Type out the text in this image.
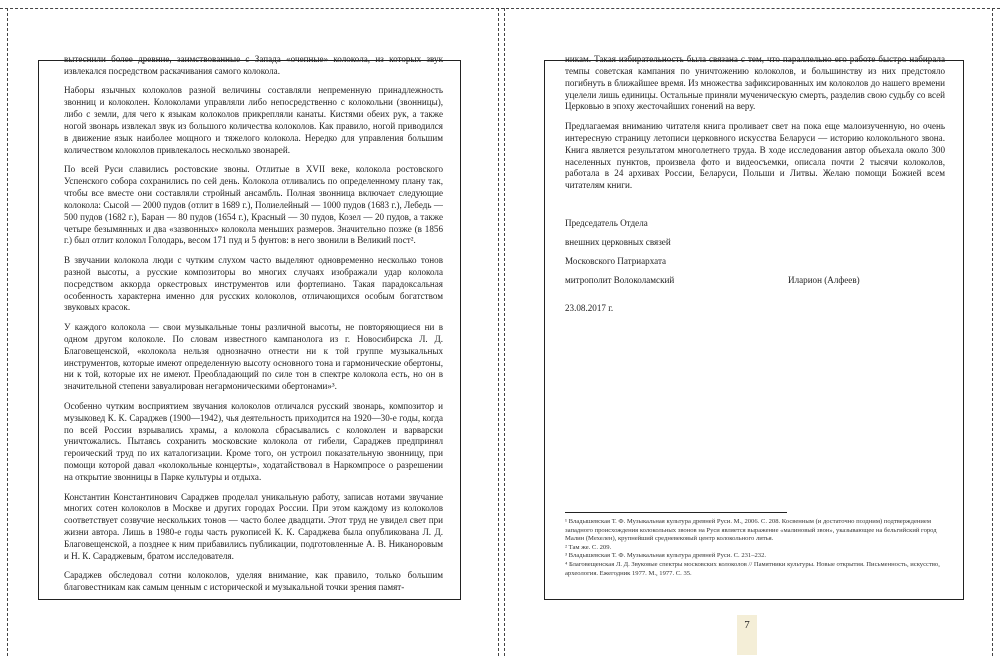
вытеснили более древние, заимствованные с Запада «очепные» колокола, из которых звук извлекался посредством раскачивания самого колокола.

Наборы язычных колоколов разной величины составляли непременную принадлежность звонниц и колоколен. Колоколами управляли либо непосредственно с колокольни (звонницы), либо с земли, для чего к языкам колоколов прикрепляли канаты. Кистями обеих рук, а также ногой звонарь извлекал звук из большого количества колоколов. Как правило, ногой приводился в движение язык наиболее мощного и тяжелого колокола. Нередко для управления большим количеством колоколов привлекалось несколько звонарей.

По всей Руси славились ростовские звоны. Отлитые в XVII веке, колокола ростовского Успенского собора сохранились по сей день. Колокола отливались по определенному плану так, чтобы все вместе они составляли стройный ансамбль. Полная звонница включает следующие колокола: Сысой — 2000 пудов (отлит в 1689 г.), Полиелейный — 1000 пудов (1683 г.), Лебедь — 500 пудов (1682 г.), Баран — 80 пудов (1654 г.), Красный — 30 пудов, Козел — 20 пудов, а также четыре безымянных и два «зазвонных» колокола меньших размеров. Значительно позже (в 1856 г.) был отлит колокол Голодарь, весом 171 пуд и 5 фунтов: в него звонили в Великий пост².

В звучании колокола люди с чутким слухом часто выделяют одновременно несколько тонов разной высоты, а русские композиторы во многих случаях изображали удар колокола посредством аккорда оркестровых инструментов или фортепиано. Такая парадоксальная особенность характерна именно для русских колоколов, отличающихся особым богатством звуковых красок.

У каждого колокола — свои музыкальные тоны различной высоты, не повторяющиеся ни в одном другом колоколе. По словам известного кампанолога из г. Новосибирска Л. Д. Благовещенской, «колокола нельзя однозначно отнести ни к той группе музыкальных инструментов, которые имеют определенную высоту основного тона и гармонические обертоны, ни к той, которые их не имеют. Преобладающий по силе тон в спектре колокола есть, но он в значительной степени завуалирован негармоническими обертонами»³.

Особенно чутким восприятием звучания колоколов отличался русский звонарь, композитор и музыковед К. К. Сараджев (1900—1942), чья деятельность приходится на 1920—30-е годы, когда по всей России взрывались храмы, а колокола сбрасывались с колоколен и варварски уничтожались. Пытаясь сохранить московские колокола от гибели, Сараджев предпринял героический труд по их каталогизации. Кроме того, он устроил показательную звонницу, при помощи которой давал «колокольные концерты», ходатайствовал в Наркомпросе о разрешении на открытие звонницы в Парке культуры и отдыха.

Константин Константинович Сараджев проделал уникальную работу, записав нотами звучание многих сотен колоколов в Москве и других городах России. При этом каждому из колоколов соответствует созвучие нескольких тонов — часто более двадцати. Этот труд не увидел свет при жизни автора. Лишь в 1980-е годы часть рукописей К. К. Сараджева была опубликована Л. Д. Благовещенской, а позднее к ним прибавились публикации, подготовленные А. В. Никаноровым и Н. К. Сараджевым, братом исследователя.

Сараджев обследовал сотни колоколов, уделяя внимание, как правило, только большим благовестникам как самым ценным с исторической и музыкальной точки зрения памят-

никам. Такая избирательность была связана с тем, что параллельно его работе быстро набирала темпы советская кампания по уничтожению колоколов, и большинству из них предстояло погибнуть в ближайшее время. Из множества зафиксированных им колоколов до нашего времени уцелели лишь единицы. Остальные приняли мученическую смерть, разделив свою судьбу со всей Церковью в эпоху жесточайших гонений на веру.

Предлагаемая вниманию читателя книга проливает свет на пока еще малоизученную, но очень интересную страницу летописи церковного искусства Беларуси — историю колокольного звона. Книга является результатом многолетнего труда. В ходе исследования автор объехала около 300 населенных пунктов, произвела фото и видеосъемки, описала почти 2 тысячи колоколов, работала в 24 архивах России, Беларуси, Польши и Литвы. Желаю помощи Божией всем читателям книги.

Председатель Отдела
внешних церковных связей
Московского Патриархата
митрополит Волоколамский	Иларион (Алфеев)
23.08.2017 г.

¹ Владышевская Т. Ф. Музыкальная культура древней Руси. М., 2006. С. 208. Косвенным (и достаточно поздним) подтверждением западного происхождения колокольных звонов на Руси является выражение «малиновый звон», указывающее на бельгийский город Малин (Мехелен), крупнейший средневековый центр колокольного литья.

² Там же. С. 209.

³ Владышевская Т. Ф. Музыкальная культура древней Руси. С. 231–232.

⁴ Благовещенская Л. Д. Звуковые спектры московских колоколов // Памятники культуры. Новые открытия. Письменность, искусство, археология. Ежегодник 1977. М., 1977. С. 35.

7
